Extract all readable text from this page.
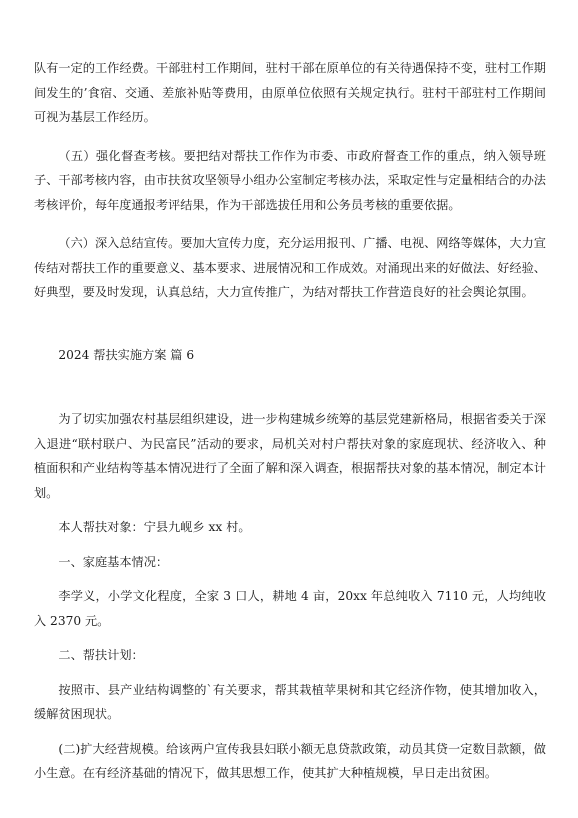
队有一定的工作经费。干部驻村工作期间，驻村干部在原单位的有关待遇保持不变，驻村工作期间发生的’食宿、交通、差旅补贴等费用，由原单位依照有关规定执行。驻村干部驻村工作期间可视为基层工作经历。

（五）强化督查考核。要把结对帮扶工作作为市委、市政府督查工作的重点，纳入领导班子、干部考核内容，由市扶贫攻坚领导小组办公室制定考核办法，采取定性与定量相结合的办法考核评价，每年度通报考评结果，作为干部选拔任用和公务员考核的重要依据。

（六）深入总结宣传。要加大宣传力度，充分运用报刊、广播、电视、网络等媒体，大力宣传结对帮扶工作的重要意义、基本要求、进展情况和工作成效。对涌现出来的好做法、好经验、好典型，要及时发现，认真总结，大力宣传推广，为结对帮扶工作营造良好的社会舆论氛围。

2024 帮扶实施方案 篇 6

为了切实加强农村基层组织建设，进一步构建城乡统筹的基层党建新格局，根据省委关于深入退进“联村联户、为民富民”活动的要求，局机关对村户帮扶对象的家庭现状、经济收入、种植面积和产业结构等基本情况进行了全面了解和深入调查，根据帮扶对象的基本情况，制定本计划。

本人帮扶对象：宁县九岘乡 xx 村。

一、家庭基本情况：

李学义，小学文化程度，全家 3 口人，耕地 4 亩，20xx 年总纯收入 7110 元，人均纯收入 2370 元。

二、帮扶计划：

按照市、县产业结构调整的`有关要求，帮其栽植苹果树和其它经济作物，使其增加收入，缓解贫困现状。

(二)扩大经营规模。给该两户宣传我县妇联小额无息贷款政策，动员其贷一定数目款额，做小生意。在有经济基础的情况下，做其思想工作，使其扩大种植规模，早日走出贫困。
